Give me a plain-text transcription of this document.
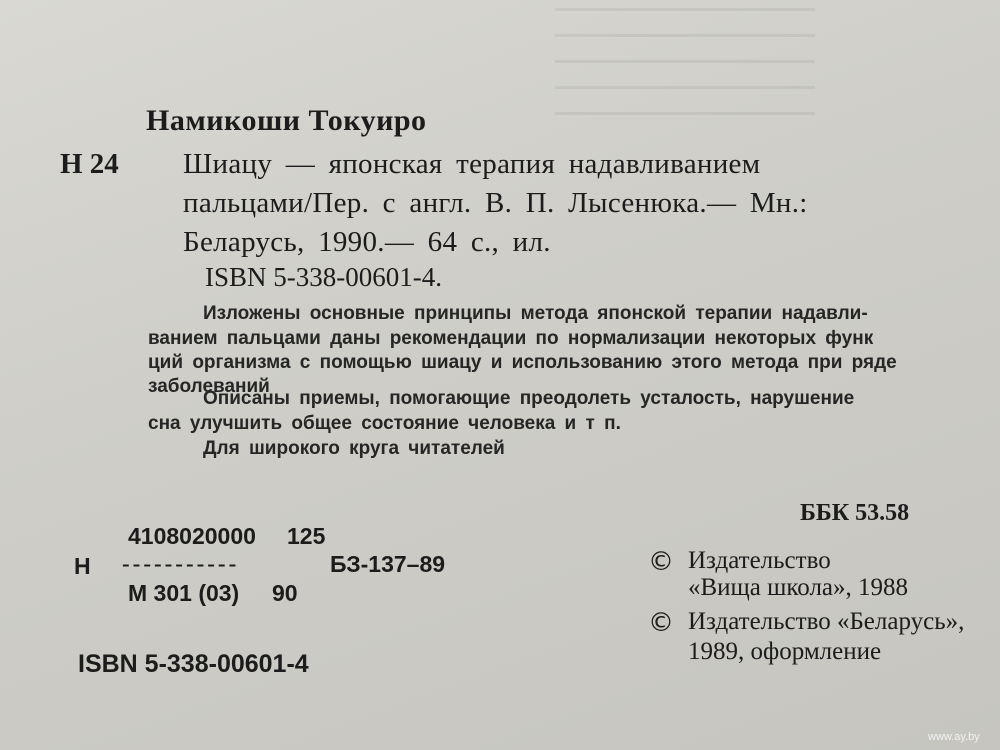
Намикоши Токуиро
Н 24 Шиацу — японская терапия надавливанием
пальцами/Пер. с англ. В. П. Лысенюка.— Мн.:
Беларусь, 1990.— 64 с., ил.
ISBN 5-338-00601-4.
Изложены основные принципы метода японской терапии надавли-
ванием пальцами даны рекомендации по нормализации некоторых функ
ций организма с помощью шиацу и использованию этого метода при ряде
заболеваний
Описаны приемы, помогающие преодолеть усталость, нарушение
сна улучшить общее состояние человека и т п.
Для широкого круга читателей
ББК 53.58
4108020000 125
Н -----------	БЗ-137–89
М 301 (03) 90
ISBN 5-338-00601-4
© Издательство
«Вища школа», 1988
© Издательство «Беларусь»,
1989, оформление
www.ay.by
